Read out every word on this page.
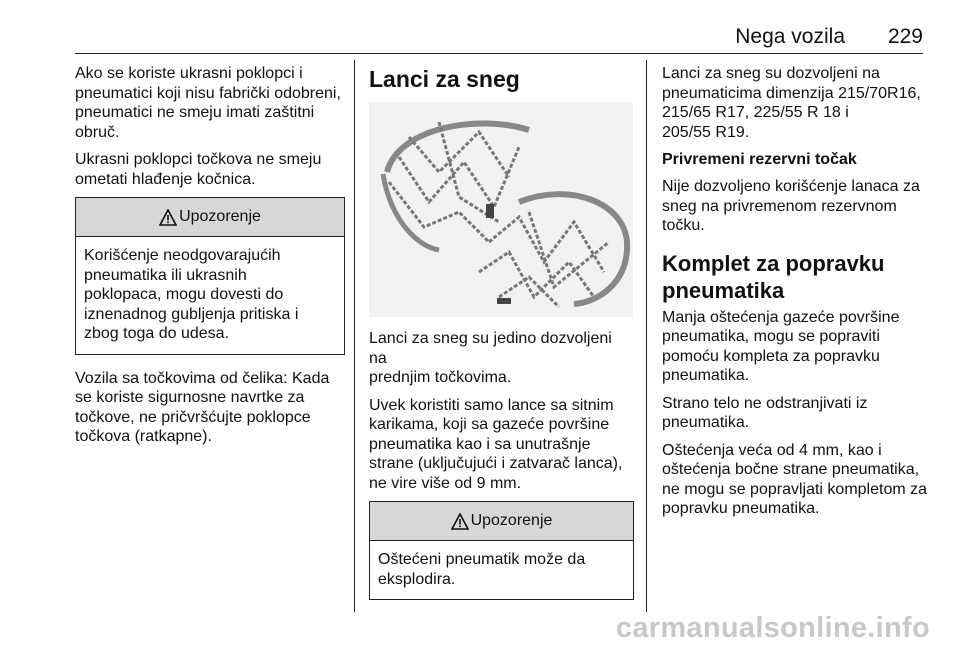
Nega vozila 229

Ako se koriste ukrasni poklopci i
pneumatici koji nisu fabrički odobreni,
pneumatici ne smeju imati zaštitni
obruč.

Ukrasni poklopci točkova ne smeju
ometati hlađenje kočnica.

Upozorenje
Korišćenje neodgovarajućih
pneumatika ili ukrasnih
poklopaca, mogu dovesti do
iznenadnog gubljenja pritiska i
zbog toga do udesa.

Vozila sa točkovima od čelika: Kada
se koriste sigurnosne navrtke za
točkove, ne pričvršćujte poklopce
točkova (ratkapne).

Lanci za sneg

Lanci za sneg su jedino dozvoljeni na
prednjim točkovima.

Uvek koristiti samo lance sa sitnim
karikama, koji sa gazeće površine
pneumatika kao i sa unutrašnje
strane (uključujući i zatvarač lanca),
ne vire više od 9 mm.

Upozorenje
Oštećeni pneumatik može da
eksplodira.

Lanci za sneg su dozvoljeni na
pneumaticima dimenzija 215/70R16,
215/65 R17, 225/55 R 18 i
205/55 R19.

Privremeni rezervni točak

Nije dozvoljeno korišćenje lanaca za
sneg na privremenom rezervnom
točku.

Komplet za popravku
pneumatika

Manja oštećenja gazeće površine
pneumatika, mogu se popraviti
pomoću kompleta za popravku
pneumatika.

Strano telo ne odstranjivati iz
pneumatika.

Oštećenja veća od 4 mm, kao i
oštećenja bočne strane pneumatika,
ne mogu se popravljati kompletom za
popravku pneumatika.

carmanualsonline.info
